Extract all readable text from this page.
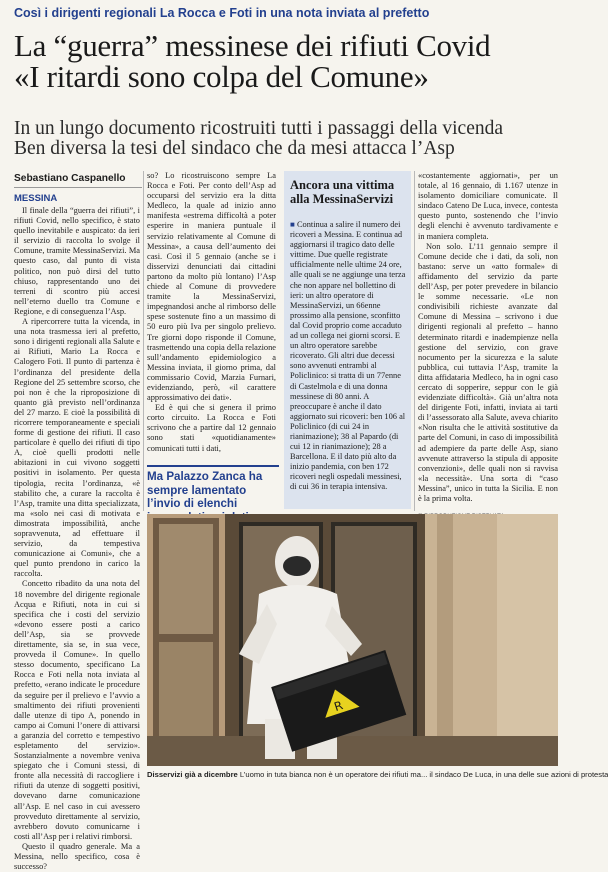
Così i dirigenti regionali La Rocca e Foti in una nota inviata al prefetto
La “guerra” messinese dei rifiuti Covid
«I ritardi sono colpa del Comune»
In un lungo documento ricostruiti tutti i passaggi della vicenda
Ben diversa la tesi del sindaco che da mesi attacca l’Asp
Sebastiano Caspanello
MESSINA

Il finale della “guerra dei rifiuti”, i rifiuti Covid, nello specifico, è stato quello inevitabile e auspicato: da ieri il servizio di raccolta lo svolge il Comune, tramite MessinaServizi. Ma questo caso, dal punto di vista politico, non può dirsi del tutto chiuso, rappresentando uno dei terreni di scontro più accesi nell’eterno duello tra Comune e Regione, e di conseguenza l’Asp.

A ripercorrere tutta la vicenda, in una nota trasmessa ieri al prefetto, sono i dirigenti regionali alla Salute e ai Rifiuti, Mario La Rocca e Calogero Foti. Il punto di partenza è l’ordinanza del presidente della Regione del 25 settembre scorso, che poi non è che la riproposizione di quanto già previsto nell’ordinanza del 27 marzo. E cioè la possibilità di ricorrere temporaneamente e speciali forme di gestione dei rifiuti. Il caso particolare è quello dei rifiuti di tipo A, cioè quelli prodotti nelle abitazioni in cui vivono soggetti positivi in isolamento. Per questa tipologia, recita l’ordinanza, «è stabilito che, a curare la raccolta è l’Asp, tramite una ditta specializzata, ma «solo nei casi di motivata e dimostrata impossibilità, anche sopravvenuta, ad effettuare il servizio, da tempestiva comunicazione ai Comuni», che a quel punto prendono in carico la raccolta.

Concetto ribadito da una nota del 18 novembre del dirigente regionale Acqua e Rifiuti, nota in cui si specifica che i costi del servizio «devono essere posti a carico dell’Asp, sia se provvede direttamente, sia se, in sua vece, provveda il Comune». In quello stesso documento, specificano La Rocca e Foti nella nota inviata al prefetto, «erano indicate le procedure da seguire per il prelievo e l’avvio a smaltimento dei rifiuti provenienti dalle utenze di tipo A, ponendo in campo ai Comuni l’onere di attivarsi a garanzia del corretto e tempestivo espletamento del servizio». Sostanzialmente a novembre veniva spiegato che i Comuni stessi, di fronte alla necessità di raccogliere i rifiuti da utenze di soggetti positivi, dovevano darne comunicazione all’Asp. E nel caso in cui avessero provveduto direttamente al servizio, avrebbero dovuto comunicarne i costi all’Asp per i relativi rimborsi.

Questo il quadro generale. Ma a Messina, nello specifico, cosa è successo?

so? Lo ricostruiscono sempre La Rocca e Foti. Per conto dell’Asp ad occuparsi del servizio era la ditta Medleco, la quale ad inizio anno manifesta «estrema difficoltà a poter esperire in maniera puntuale il servizio relativamente al Comune di Messina», a causa dell’aumento dei casi. Così il 5 gennaio (anche se i disservizi denunciati dai cittadini partono da molto più lontano) l’Asp chiede al Comune di provvedere tramite la MessinaServizi, impegnandosi anche al rimborso delle spese sostenute fino a un massimo di 50 euro più Iva per singolo prelievo. Tre giorni dopo risponde il Comune, trasmettendo una copia della relazione sull’andamento epidemiologico a Messina inviata, il giorno prima, dal commissario Covid, Marzia Furnari, evidenziando, però, «il carattere approssimativo dei dati».

Ed è qui che si genera il primo corto circuito. La Rocca e Foti scrivono che a partire dal 12 gennaio sono stati «quotidianamente» comunicati tutti i dati,

Ma Palazzo Zanca ha sempre lamentato l’invio di elenchi
Ancora una vittima alla MessinaServizi

■ Continua a salire il numero dei ricoveri a Messina. E continua ad aggiornarsi il tragico dato delle vittime. Due quelle registrate ufficialmente nelle ultime 24 ore, alle quali se ne aggiunge una terza che non appare nel bollettino di ieri: un altro operatore di MessinaServizi, un 66enne prossimo alla pensione, sconfitto dal Covid proprio come accaduto ad un collega nei giorni scorsi. E un altro operatore sarebbe ricoverato. Gli altri due decessi sono avvenuti entrambi al Policlinico: si tratta di un 77enne di Castelmola e di una donna messinese di 80 anni. A preoccupare è anche il dato aggiornato sui ricoveri: ben 106 al Policlinico (di cui 24 in rianimazione); 38 al Papardo (di cui 12 in rianimazione); 28 a Barcellona. E il dato più alto da inizio pandemia, con ben 172 ricoveri negli ospedali messinesi, di cui 36 in terapia intensiva.

«costantemente aggiornati», per un totale, al 16 gennaio, di 1.167 utenze in isolamento domiciliare comunicate. Il sindaco Cateno De Luca, invece, contesta questo punto, sostenendo che l’invio degli elenchi è avvenuto tardivamente e in maniera completa.

Non solo. L’11 gennaio sempre il Comune decide che i dati, da soli, non bastano: serve un «atto formale» di affidamento del servizio da parte dell’Asp, per poter prevedere in bilancio le somme necessarie. «Le non condivisibili richieste avanzate dal Comune di Messina – scrivono i due dirigenti regionali al prefetto – hanno determinato ritardi e inadempienze nella gestione del servizio, con grave nocumento per la sicurezza e la salute pubblica, cui tuttavia l’Asp, tramite la ditta affidataria Medleco, ha in ogni caso cercato di sopperire, seppur con le già evidenziate difficoltà». Già un’altra nota del dirigente Foti, infatti, inviata ai tarti di l’assessorato alla Salute, aveva chiarito «Non risulta che le attività sostitutive da parte del Comuni, in caso di impossibilità ad adempiere da parte delle Asp, siano avvenute attraverso la stipula di apposite convenzioni», delle quali non si ravvisa «la necessità». Una sorta di “caso Messina”, unico in tutta la Sicilia. E non è la prima volta.

R
Disservizi già a dicembre L’uomo in tuta bianca non è un operatore dei rifiuti ma... il sindaco De Luca, in una delle sue azioni di protesta
